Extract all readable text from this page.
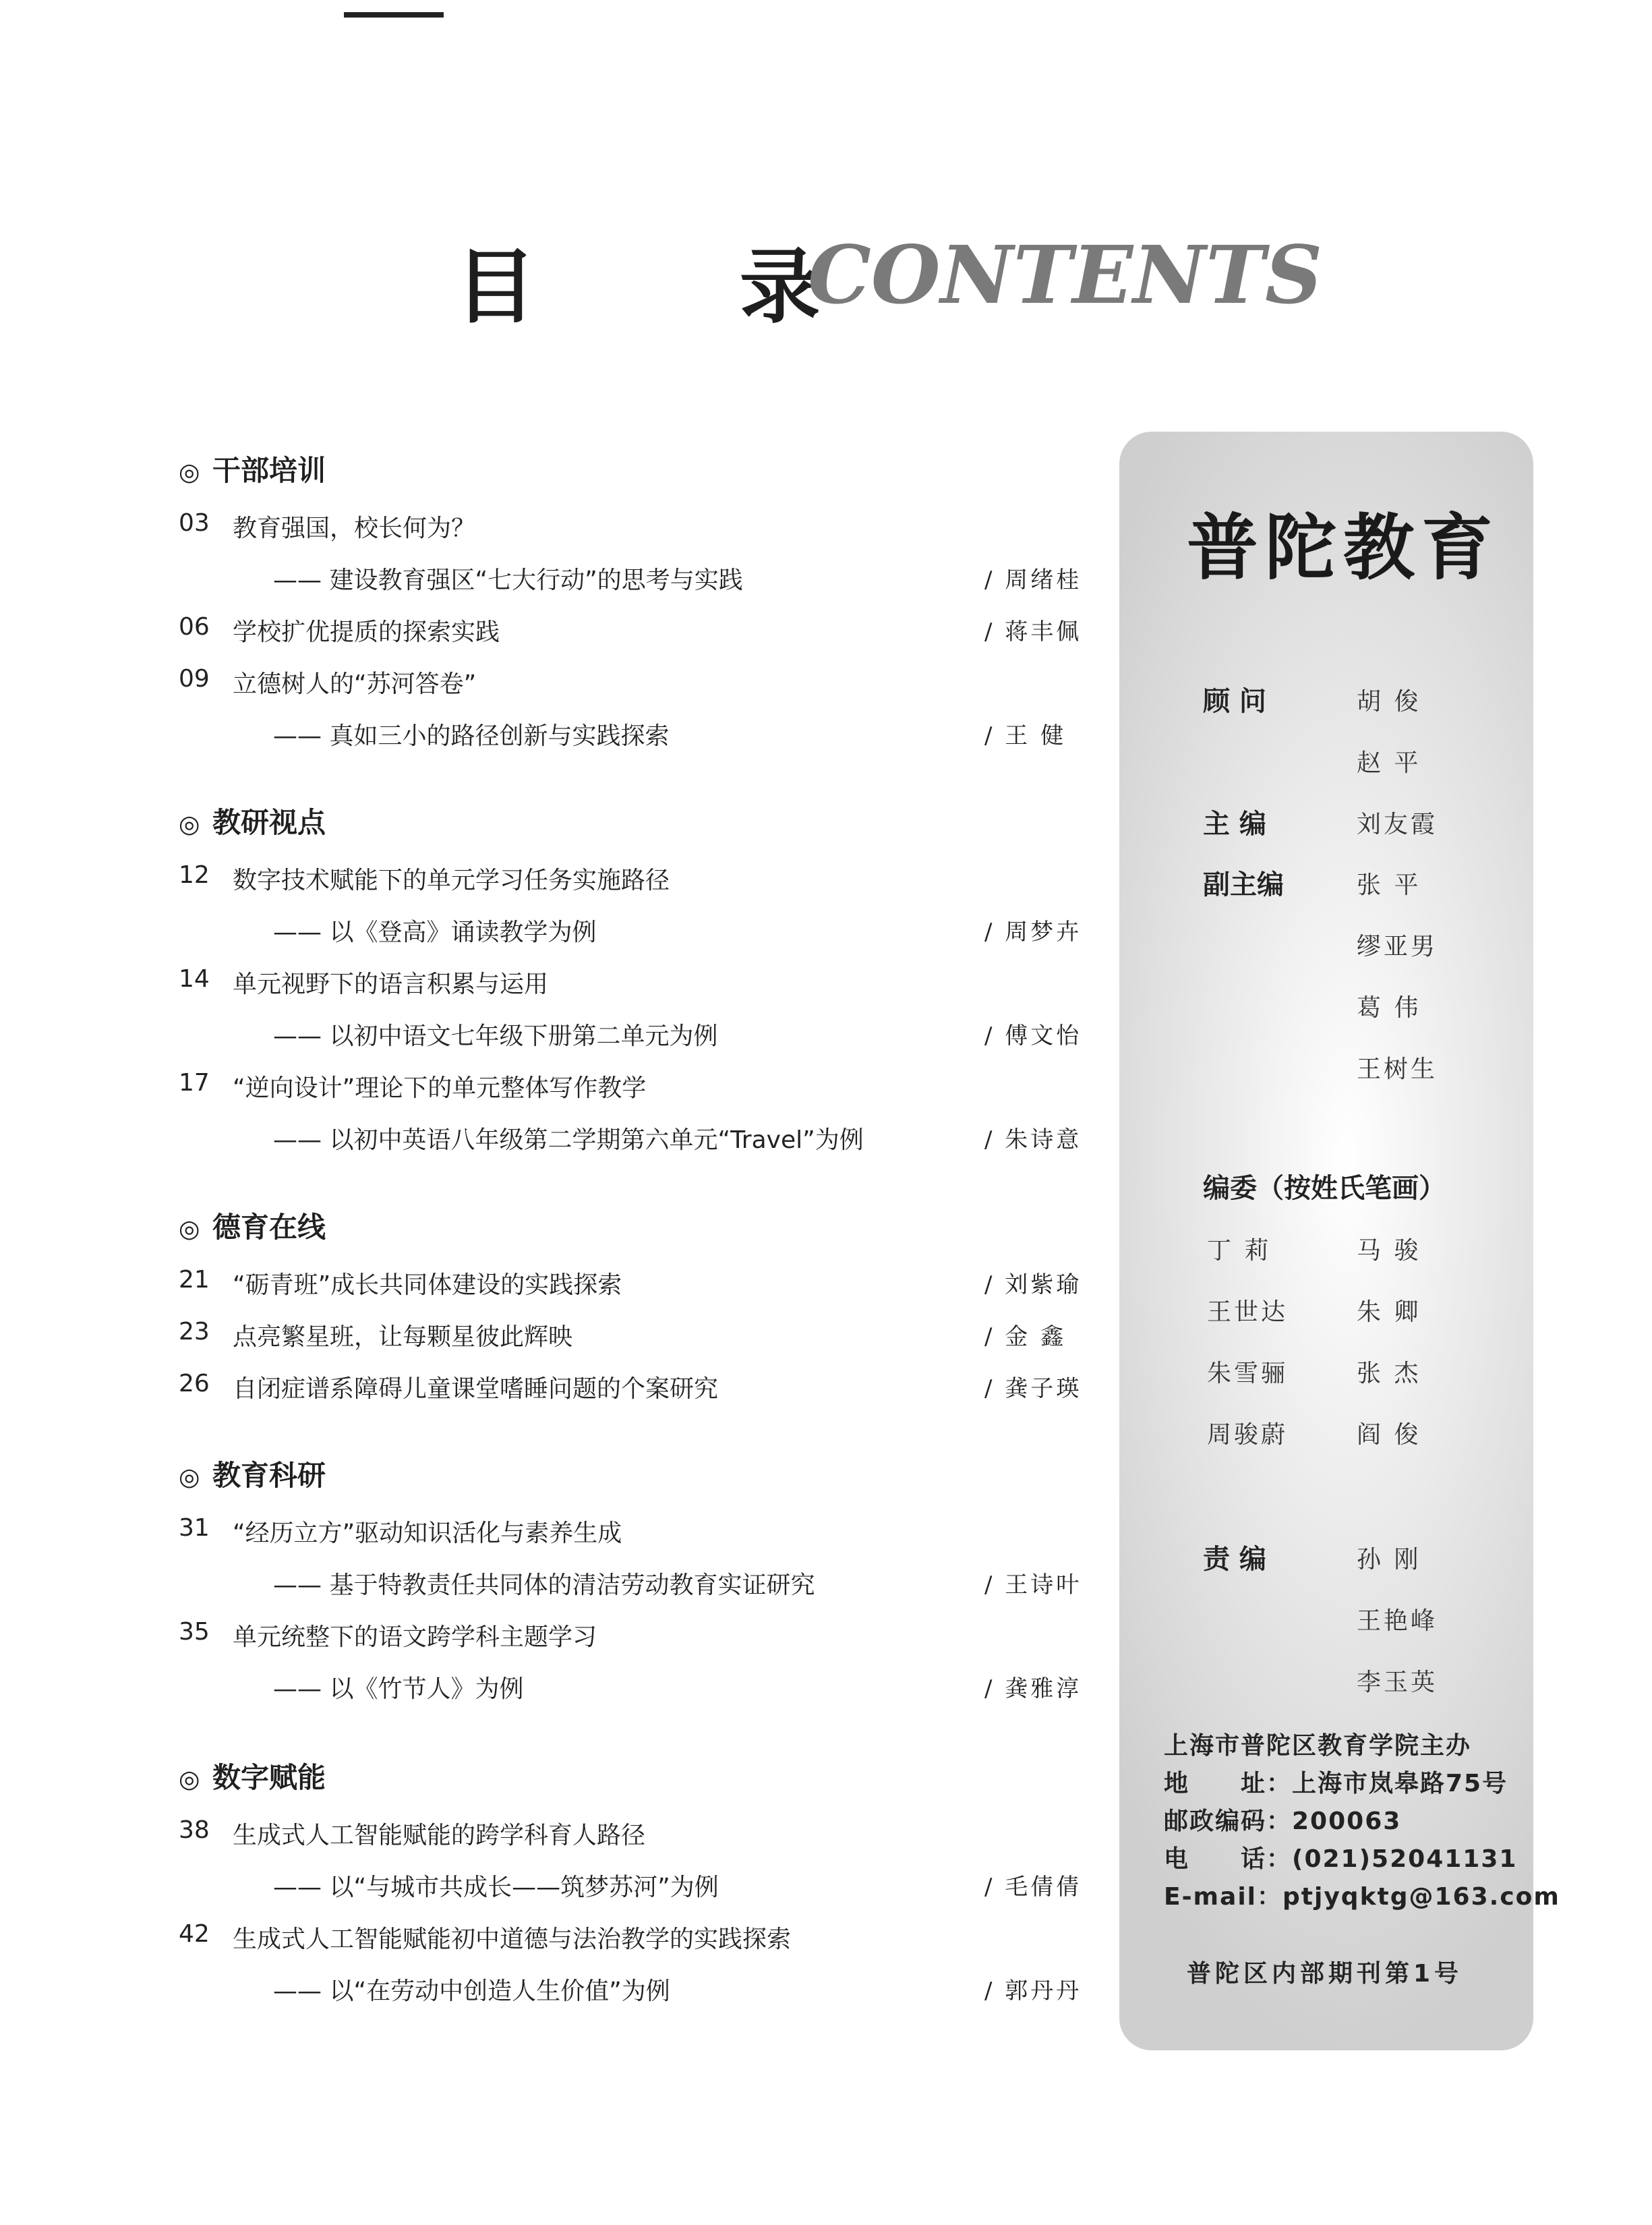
目 录
CONTENTS
◎ 干部培训
03 教育强国，校长何为？
—— 建设教育强区“七大行动”的思考与实践	/ 周绪桂
06 学校扩优提质的探索实践	/ 蒋丰佩
09 立德树人的“苏河答卷”
—— 真如三小的路径创新与实践探索	/ 王 健
◎ 教研视点
12 数字技术赋能下的单元学习任务实施路径
—— 以《登高》诵读教学为例	/ 周梦卉
14 单元视野下的语言积累与运用
—— 以初中语文七年级下册第二单元为例	/ 傅文怡
17 “逆向设计”理论下的单元整体写作教学
—— 以初中英语八年级第二学期第六单元“Travel”为例	/ 朱诗意
◎ 德育在线
21 “砺青班”成长共同体建设的实践探索	/ 刘紫瑜
23 点亮繁星班，让每颗星彼此辉映	/ 金 鑫
26 自闭症谱系障碍儿童课堂嗜睡问题的个案研究	/ 龚子瑛
◎ 教育科研
31 “经历立方”驱动知识活化与素养生成
—— 基于特教责任共同体的清洁劳动教育实证研究	/ 王诗叶
35 单元统整下的语文跨学科主题学习
—— 以《竹节人》为例	/ 龚雅淳
◎ 数字赋能
38 生成式人工智能赋能的跨学科育人路径
—— 以“与城市共成长——筑梦苏河”为例	/ 毛倩倩
42 生成式人工智能赋能初中道德与法治教学的实践探索
—— 以“在劳动中创造人生价值”为例	/ 郭丹丹
普陀教育
顾 问	胡 俊
赵 平
主 编	刘友霞
副主编	张 平
缪亚男
葛 伟
王树生
编委（按姓氏笔画）
丁 莉	马 骏
王世达	朱 卿
朱雪骊	张 杰
周骏蔚	阎 俊
责 编	孙 刚
王艳峰
李玉英
上海市普陀区教育学院主办
地　　址：上海市岚皋路75号
邮政编码：200063
电　　话：(021)52041131
E-mail：ptjyqktg@163.com
普陀区内部期刊第1号
